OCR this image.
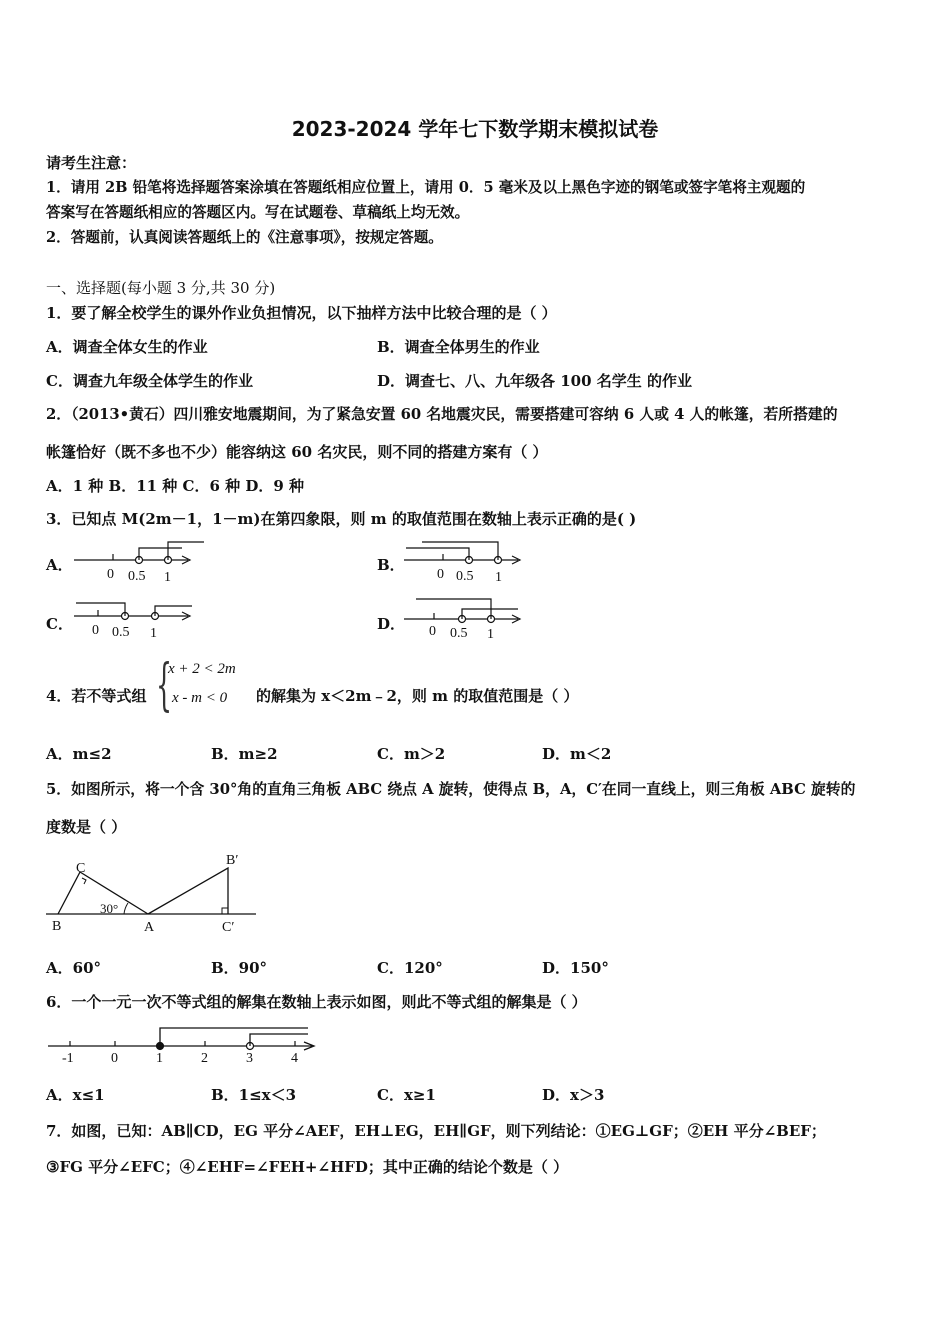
2023-2024 学年七下数学期末模拟试卷
请考生注意：
1．请用 2B 铅笔将选择题答案涂填在答题纸相应位置上，请用 0．5 毫米及以上黑色字迹的钢笔或签字笔将主观题的
答案写在答题纸相应的答题区内。写在试题卷、草稿纸上均无效。
2．答题前，认真阅读答题纸上的《注意事项》，按规定答题。
一、选择题(每小题 3 分,共 30 分)
1．要了解全校学生的课外作业负担情况，以下抽样方法中比较合理的是（ ）
A．调查全体女生的作业	B．调查全体男生的作业
C．调查九年级全体学生的作业	D．调查七、八、九年级各 100 名学生 的作业
2．（2013•黄石）四川雅安地震期间，为了紧急安置 60 名地震灾民，需要搭建可容纳 6 人或 4 人的帐篷，若所搭建的
帐篷恰好（既不多也不少）能容纳这 60 名灾民，则不同的搭建方案有（ ）
A．1 种 B．11 种 C．6 种 D．9 种
3．已知点 M(2m－1，1－m)在第四象限，则 m 的取值范围在数轴上表示正确的是( )
A．
0 0.5 1
B．
0 0.5 1
C． 0 0.5 1
D． 0 0.5 1
4．若不等式组 {
x + 2 < 2m
x - m < 0 的解集为 x＜2m﹣2，则 m 的取值范围是（ ）
A．m≤2	B．m≥2	C．m＞2	D．m＜2
5．如图所示，将一个含 30°角的直角三角板 ABC 绕点 A 旋转，使得点 B，A，C′在同一直线上，则三角板 ABC 旋转的
度数是（ ）
C
B	A
B′
C′
30°
A．60°	B．90°	C．120°	D．150°
6．一个一元一次不等式组的解集在数轴上表示如图，则此不等式组的解集是（ ）
-1	0	1	2	3	4
A．x≤1	B．1≤x＜3	C．x≥1	D．x＞3
7．如图，已知：AB∥CD，EG 平分∠AEF，EH⊥EG，EH∥GF，则下列结论：①EG⊥GF；②EH 平分∠BEF；
③FG 平分∠EFC；④∠EHF=∠FEH+∠HFD；其中正确的结论个数是（ ）
